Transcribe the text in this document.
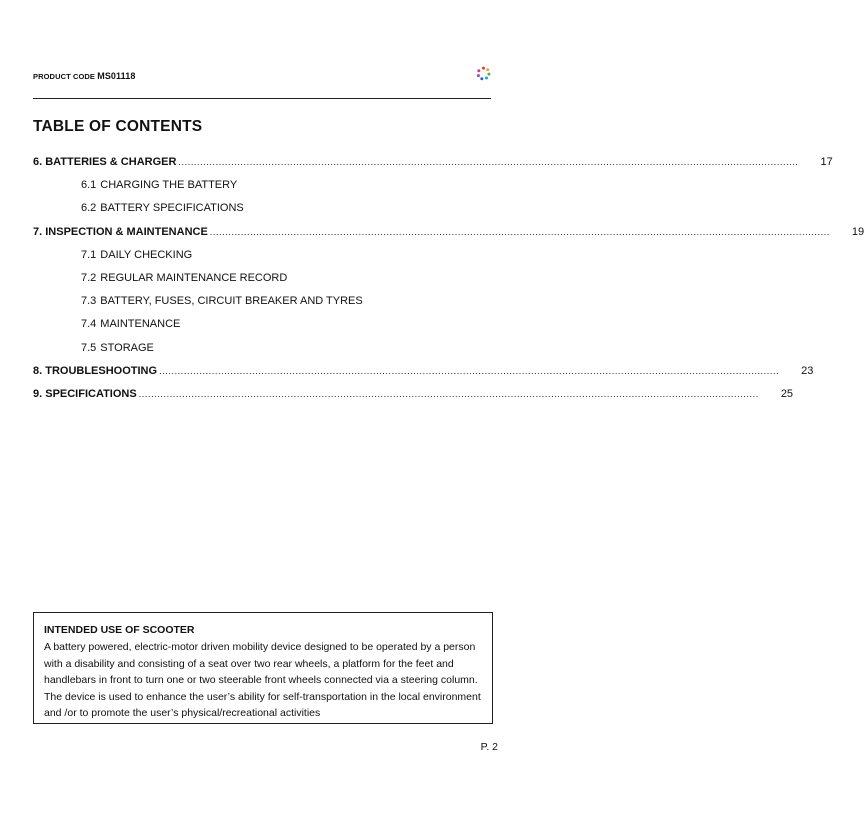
PRODUCT CODE MS01118
TABLE OF CONTENTS
6. BATTERIES & CHARGER ........................................................................................................................................................................................................ 17
6.1 CHARGING THE BATTERY
6.2 BATTERY SPECIFICATIONS
7. INSPECTION & MAINTENANCE ........................................................................................................................................................................................................ 19
7.1 DAILY CHECKING
7.2 REGULAR MAINTENANCE RECORD
7.3 BATTERY, FUSES, CIRCUIT BREAKER AND TYRES
7.4 MAINTENANCE
7.5 STORAGE
8. TROUBLESHOOTING ........................................................................................................................................................................................................ 23
9. SPECIFICATIONS ........................................................................................................................................................................................................ 25
INTENDED USE OF SCOOTER
A battery powered, electric-motor driven mobility device designed to be operated by a person with a disability and consisting of a seat over two rear wheels, a platform for the feet and handlebars in front to turn one or two steerable front wheels connected via a steering column. The device is used to enhance the user’s ability for self-transportation in the local environment and /or to promote the user’s physical/recreational activities
P. 2
